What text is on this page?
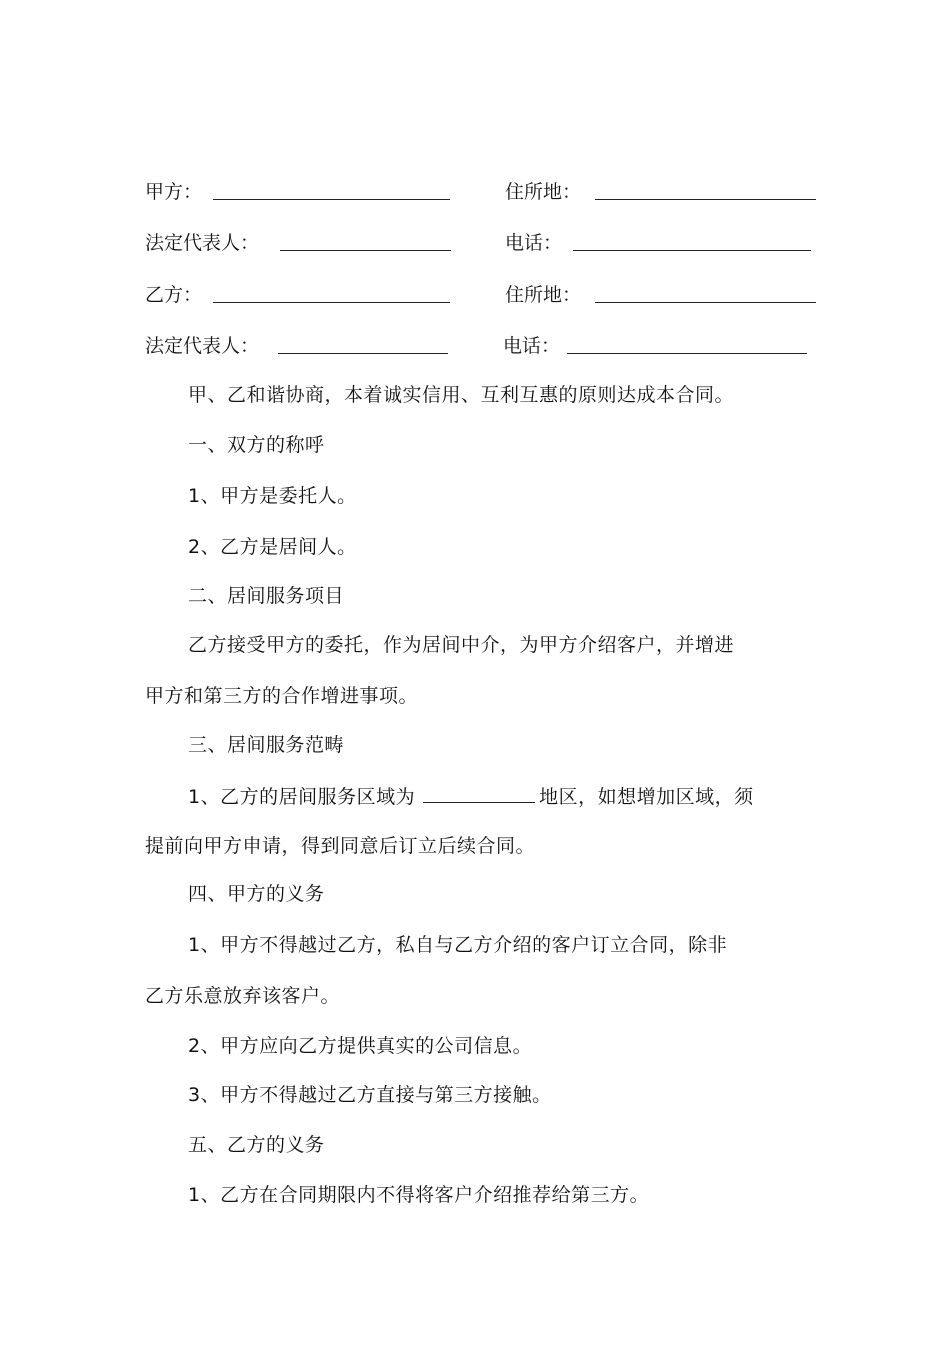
甲方：	住所地：
法定代表人：	电话：
乙方：	住所地：
法定代表人：	电话：
甲、乙和谐协商，本着诚实信用、互利互惠的原则达成本合同。
一、双方的称呼
1、甲方是委托人。
2、乙方是居间人。
二、居间服务项目
乙方接受甲方的委托，作为居间中介，为甲方介绍客户，并增进
甲方和第三方的合作增进事项。
三、居间服务范畴
1、乙方的居间服务区域为	地区，如想增加区域，须
提前向甲方申请，得到同意后订立后续合同。
四、甲方的义务
1、甲方不得越过乙方，私自与乙方介绍的客户订立合同，除非
乙方乐意放弃该客户。
2、甲方应向乙方提供真实的公司信息。
3、甲方不得越过乙方直接与第三方接触。
五、乙方的义务
1、乙方在合同期限内不得将客户介绍推荐给第三方。
